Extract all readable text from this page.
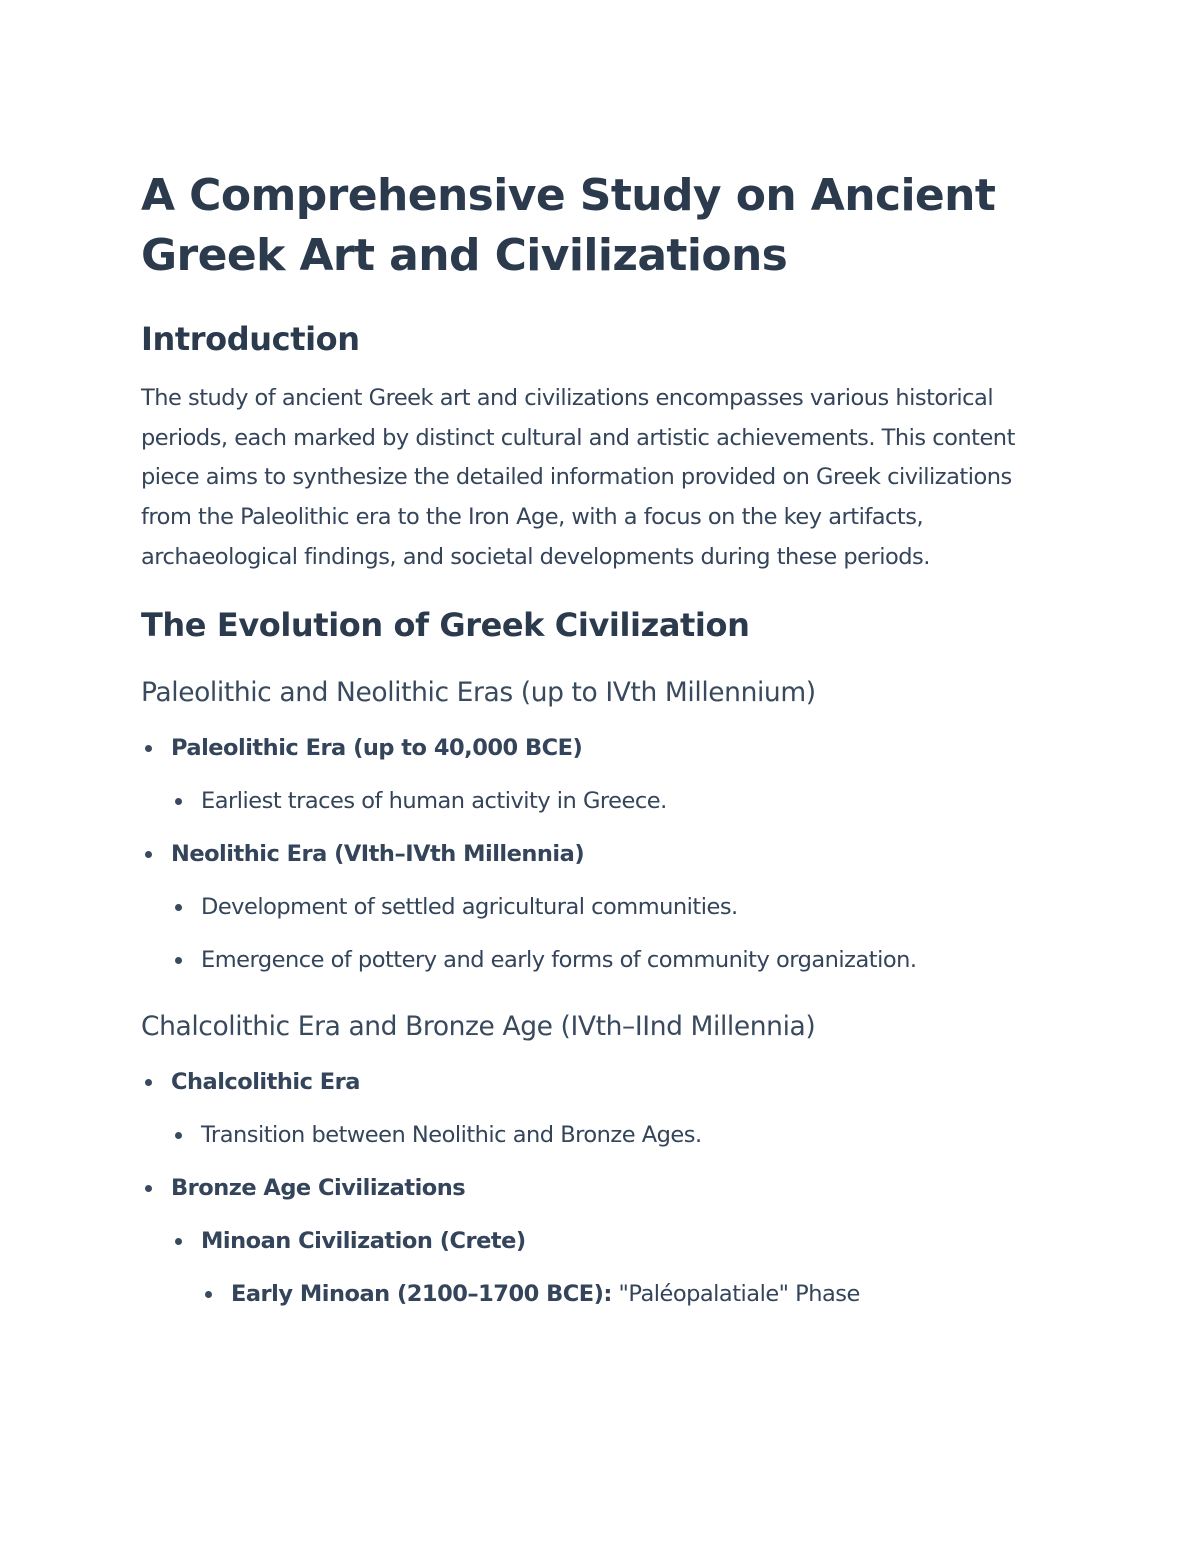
A Comprehensive Study on Ancient Greek Art and Civilizations
Introduction

The study of ancient Greek art and civilizations encompasses various historical periods, each marked by distinct cultural and artistic achievements. This content piece aims to synthesize the detailed information provided on Greek civilizations from the Paleolithic era to the Iron Age, with a focus on the key artifacts, archaeological findings, and societal developments during these periods.

The Evolution of Greek Civilization
Paleolithic and Neolithic Eras (up to IVth Millennium)
Paleolithic Era (up to 40,000 BCE)
Earliest traces of human activity in Greece.
Neolithic Era (VIth–IVth Millennia)
Development of settled agricultural communities.
Emergence of pottery and early forms of community organization.
Chalcolithic Era and Bronze Age (IVth–IInd Millennia)
Chalcolithic Era
Transition between Neolithic and Bronze Ages.
Bronze Age Civilizations
Minoan Civilization (Crete)
Early Minoan (2100–1700 BCE): "Paléopalatiale" Phase
